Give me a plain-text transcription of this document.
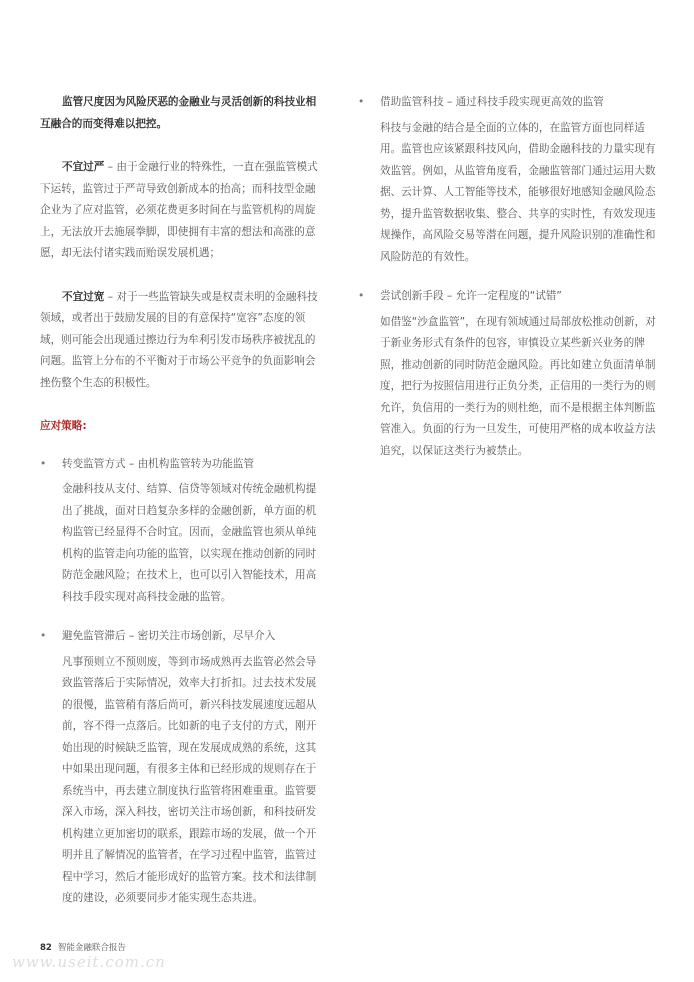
监管尺度因为风险厌恶的金融业与灵活创新的科技业相互融合的而变得难以把控。

不宜过严 – 由于金融行业的特殊性，一直在强监管模式下运转，监管过于严苛导致创新成本的抬高；而科技型金融企业为了应对监管，必须花费更多时间在与监管机构的周旋上，无法放开去施展拳脚，即使拥有丰富的想法和高涨的意愿，却无法付诸实践而贻误发展机遇；

不宜过宽 – 对于一些监管缺失或是权责未明的金融科技领域，或者出于鼓励发展的目的有意保持“宽容”态度的领域，则可能会出现通过擦边行为牟利引发市场秩序被扰乱的问题。监管上分布的不平衡对于市场公平竞争的负面影响会挫伤整个生态的积极性。

应对策略:

• 转变监管方式 – 由机构监管转为功能监管

金融科技从支付、结算、信贷等领域对传统金融机构提出了挑战，面对日趋复杂多样的金融创新，单方面的机构监管已经显得不合时宜。因而，金融监管也须从单纯机构的监管走向功能的监管，以实现在推动创新的同时防范金融风险；在技术上，也可以引入智能技术，用高科技手段实现对高科技金融的监管。

• 避免监管滞后 – 密切关注市场创新，尽早介入

凡事预则立不预则废，等到市场成熟再去监管必然会导致监管落后于实际情况，效率大打折扣。过去技术发展的很慢，监管稍有落后尚可，新兴科技发展速度远超从前，容不得一点落后。比如新的电子支付的方式，刚开始出现的时候缺乏监管，现在发展成成熟的系统，这其中如果出现问题，有很多主体和已经形成的规则存在于系统当中，再去建立制度执行监管将困难重重。监管要深入市场，深入科技，密切关注市场创新，和科技研发机构建立更加密切的联系，跟踪市场的发展，做一个开明并且了解情况的监管者，在学习过程中监管，监管过程中学习，然后才能形成好的监管方案。技术和法律制度的建设，必须要同步才能实现生态共进。

• 借助监管科技 – 通过科技手段实现更高效的监管

科技与金融的结合是全面的立体的，在监管方面也同样适用。监管也应该紧跟科技风向，借助金融科技的力量实现有效监管。例如，从监管角度看，金融监管部门通过运用大数据、云计算、人工智能等技术，能够很好地感知金融风险态势，提升监管数据收集、整合、共享的实时性，有效发现违规操作，高风险交易等潜在问题，提升风险识别的准确性和风险防范的有效性。

• 尝试创新手段 – 允许一定程度的“试错”

如借鉴“沙盒监管”，在现有领域通过局部放松推动创新，对于新业务形式有条件的包容，审慎设立某些新兴业务的牌照，推动创新的同时防范金融风险。再比如建立负面清单制度，把行为按照信用进行正负分类，正信用的一类行为的则允许，负信用的一类行为的则杜绝，而不是根据主体判断监管准入。负面的行为一旦发生，可使用严格的成本收益方法追究，以保证这类行为被禁止。

82 智能金融联合报告
www.useit.com.cn
